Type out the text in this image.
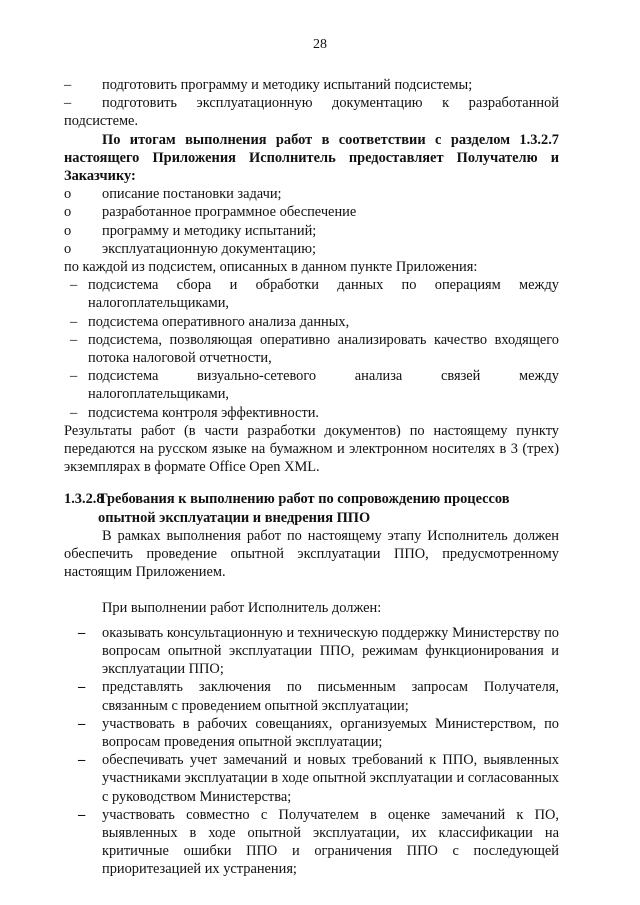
28
– подготовить программу и методику испытаний подсистемы;
– подготовить эксплуатационную документацию к разработанной

подсистеме.

По итогам выполнения работ в соответствии с разделом 1.3.2.7

настоящего Приложения Исполнитель предоставляет Получателю и

Заказчику:

o описание постановки задачи;
o разработанное программное обеспечение
o программу и методику испытаний;
o эксплуатационную документацию;

по каждой из подсистем, описанных в данном пункте Приложения:

– подсистема сбора и обработки данных по операциям между налогоплательщиками,
– подсистема оперативного анализа данных,
– подсистема, позволяющая оперативно анализировать качество входящего потока налоговой отчетности,
– подсистема визуально-сетевого анализа связей между налогоплательщиками,
– подсистема контроля эффективности.

Результаты работ (в части разработки документов) по настоящему пункту передаются на русском языке на бумажном и электронном носителях в 3 (трех) экземплярах в формате Office Open XML.

1.3.2.8
Требования к выполнению работ по сопровождению процессов опытной эксплуатации и внедрения ППО

В рамках выполнения работ по настоящему этапу Исполнитель должен обеспечить проведение опытной эксплуатации ППО, предусмотренному настоящим Приложением.

При выполнении работ Исполнитель должен:

– оказывать консультационную и техническую поддержку Министерству по вопросам опытной эксплуатации ППО, режимам функционирования и эксплуатации ППО;
– представлять заключения по письменным запросам Получателя, связанным с проведением опытной эксплуатации;
– участвовать в рабочих совещаниях, организуемых Министерством, по вопросам проведения опытной эксплуатации;
– обеспечивать учет замечаний и новых требований к ППО, выявленных участниками эксплуатации в ходе опытной эксплуатации и согласованных с руководством Министерства;
– участвовать совместно с Получателем в оценке замечаний к ПО, выявленных в ходе опытной эксплуатации, их классификации на критичные ошибки ППО и ограничения ППО с последующей приоритезацией их устранения;
